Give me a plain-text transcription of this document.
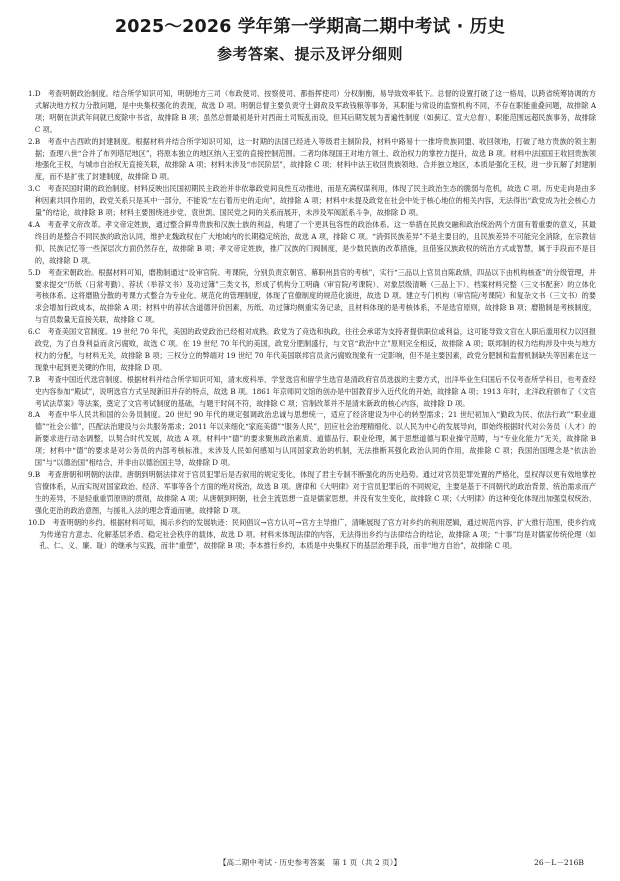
2025～2026 学年第一学期高二期中考试 · 历史
参考答案、提示及评分细则
1. D　考查明朝政治制度。结合所学知识可知，明朝地方三司（布政使司、按察使司、都指挥使司）分权制衡，易导致效率低下。总督的设置打破了这一格局，以跨省统筹协调的方式解决地方权力分散问题，是中央集权强化的表现，故选 D 项。明朝总督主要负责守土御敌及军政钱粮等事务，其职能与常设的监察机构不同，不存在职能重叠问题，故排除 A 项；明朝在洪武年间就已废除中书省，故排除 B 项；虽然总督最初是针对西南土司叛乱而设，但其后期发展为普遍性制度（如蓟辽、宣大总督），职能范围远超民族事务，故排除 C 项。
2. B　考查中古西欧的封建制度。根据材料并结合所学知识可知，这一时期的法国已经进入等级君主制阶段，材料中路易十一推垮贵族同盟、收回领地，打破了地方贵族的领主割据；查理八世“合并了布列塔尼地区”，将原本独立的地区纳入王室的直接控制范围。二者均体现国王对地方领土、政治权力的掌控力提升，故选 B 项。材料中法国国王收回贵族领地强化王权，与城市自治权无直接关联，故排除 A 项；材料未涉及“市民阶层”，故排除 C 项；材料中法王收回贵族领地、合并独立地区，本质是强化王权，进一步瓦解了封建制度，而不是扩张了封建制度，故排除 D 项。
3. C　考查民国时期的政治制度。材料反映出民国初期民主政治并非依靠政党间良性互动推进，而是充满权谋利用，体现了民主政治生态的脆弱与危机，故选 C 项。历史走向是由多种因素共同作用的，政党关系只是其中一部分，不能说“左右着历史的走向”，故排除 A 项；材料中未提及政党在社会中处于核心地位的相关内容，无法得出“政党成为社会核心力量”的结论，故排除 B 项；材料主要围绕进步党、袁世凯、国民党之间的关系而展开，未涉及军阀派系斗争，故排除 D 项。
4. A　考查孝文帝改革。孝文帝定姓族，通过整合鲜卑贵族和汉族士族的利益，构建了一个更具包容性的政治体系。这一举措在民族交融和政治统治两个方面有着重要的意义，其最终目的是整合不同民族的政治认同，维护北魏政权在广大地域内的长期稳定统治，故选 A 项，排除 C 项。“消弭民族差异”不是主要目的，且民族差异不可能完全消除，在宗教信仰、民族记忆等一些深层次方面仍然存在，故排除 B 项；孝文帝定姓族，推广汉族的门阀制度，是少数民族的改革措施，且借鉴汉族政权的统治方式或智慧，属于手段而不是目的，故排除 D 项。
5. D　考查宋朝政治。根据材料可知，磨勘制通过“设审官院、考课院，分别负责京朝官、幕职州县官的考核”，实行“三品以上官员自陈政绩，四品以下由机构核查”的分级管理，并要求提交“历纸（日常考勤）、荐状（举荐文书）及功过簿”三类文书，形成了机构分工明确（审官院/考课院）、对象层级清晰（三品上下）、档案材料完整（三文书配套）的立体化考核体系。这将磨勘分散的考课方式整合为专业化、规范化的管理制度，体现了官僚制度的规范化演进，故选 D 项。建立专门机构（审官院/考课院）和复杂文书（三文书）的要求会增加行政成本，故排除 A 项；材料中的荐状含道德评价因素，历纸、功过簿均侧重实务记录，且材料体现的是考核体系，不是选官原则，故排除 B 项；磨勘制是考核制度，与官员数量无直接关联，故排除 C 项。
6. C　考查美国文官制度。19 世纪 70 年代，美国的政党政治已经相对成熟。政党为了竞选和执政，往往会承诺为支持者提供职位或利益，这可能导致文官在人职后滥用权力以回报政党，为了自身利益而贪污腐败，故选 C 项。在 19 世纪 70 年代的美国，政党分肥制盛行，与文官“政治中立”原则完全相反，故排除 A 项；联邦制的权力结构涉及中央与地方权力的分配，与材料无关，故排除 B 项；三权分立的弊端对 19 世纪 70 年代美国联邦官员贪污腐败现象有一定影响，但不是主要因素，政党分肥制和监督机制缺失等因素在这一现象中起到更关键的作用，故排除 D 项。
7. B　考查中国近代选官制度。根据材料并结合所学知识可知，清末废科举、学堂选官和留学生选官是清政府官员选拔的主要方式，出洋毕业生归国后不仅考查所学科目，也考查经史内容参加“殿试”，说明选官方式呈现新旧并存的特点，故选 B 项。1861 年京师同文馆的创办是中国教育步入近代化的开始，故排除 A 项；1913 年时，北洋政府颁布了《文官考试法草案》等法案，奠定了文官考试制度的基础，与题干时间不符，故排除 C 项；官制改革并不是清末新政的核心内容，故排除 D 项。
8. A　考查中华人民共和国的公务员制度。20 世纪 90 年代的规定强调政治忠诚与思想统一，适应了经济建设为中心的转型需求；21 世纪初加入“勤政为民、依法行政”“职业道德”“社会公德”，匹配法治建设与公共服务需求；2011 年以来细化“家庭美德”“服务人民”，回应社会治理精细化、以人民为中心的发展导向，即始终根据时代对公务员（人才）的新要求进行动态调整，以契合时代发展，故选 A 项。材料中“德”的要求聚焦政治素质、道德品行、职业伦理，属于思想道德与职业操守范畴，与“专业化能力”无关，故排除 B 项；材料中“德”的要求是对公务员的内部考核标准，未涉及人民如何感知与认同国家政治的机制，无法推断其强化政治认同的作用，故排除 C 项；我国治国理念是“依法治国”与“以德治国”相结合，并非由以德治国主导，故排除 D 项。
9. B　考查唐朝和明朝的法律。唐朝到明朝法律对于官员犯罪后是否叙用的规定变化，体现了君主专制不断强化的历史趋势。通过对官员犯罪处置的严格化，皇权得以更有效地掌控官僚体系，从而实现对国家政治、经济、军事等各个方面的绝对统治，故选 B 项。唐律和《大明律》对于官员犯罪后的不同规定，主要是基于不同朝代的政治背景、统治需求而产生的差异，不是轻重重罚原则的贯彻，故排除 A 项；从唐朝到明朝，社会主流思想一直是儒家思想，并没有发生变化，故排除 C 项；《大明律》的这种变化体现出加强皇权统治、强化吏治的政治意图，与援礼入法的理念背道而驰，故排除 D 项。
10. D　考查明朝的乡约。根据材料可知，揭示乡约的发展轨迹：民间倡议→官方认可→官方主导推广，清晰展现了官方对乡约的利用逻辑，通过规范内容、扩大推行范围，使乡约成为传递官方意志、化解基层矛盾、稳定社会秩序的载体，故选 D 项。材料未体现法律的内容，无法得出乡约与法律结合的结论，故排除 A 项；“十事”均是对儒家传统伦理（如孔、仁、义、廉、耻）的继承与实践，而非“重塑”，故排除 B 项；李本推行乡约，本质是中央集权下的基层治理手段，而非“地方自治”，故排除 C 项。
【高二期中考试 · 历史参考答案　第 1 页（共 2 页）】	26－L－216B
